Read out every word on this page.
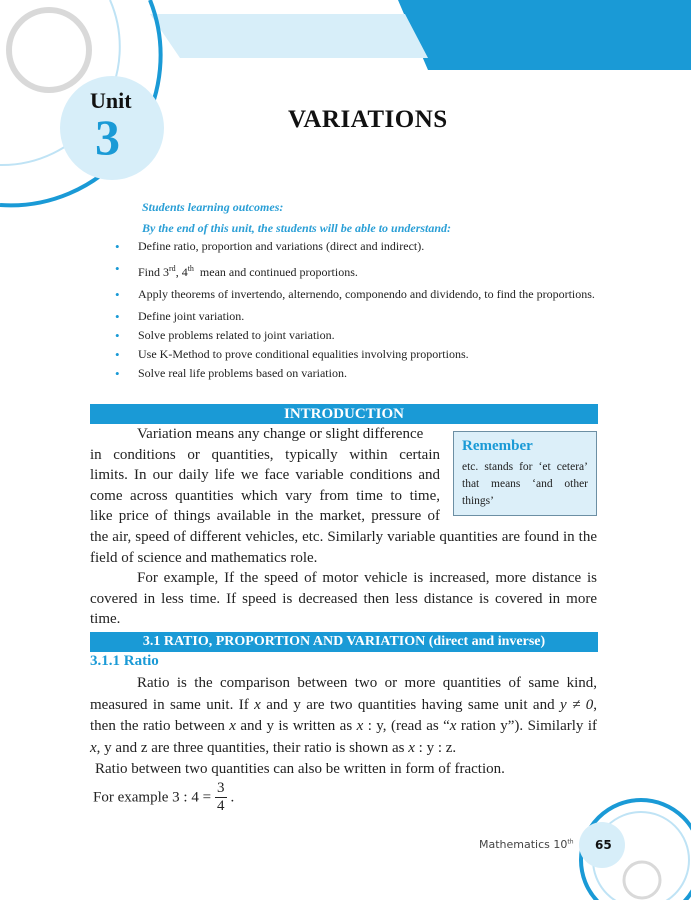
Unit
3	VARIATIONS
Students learning outcomes:
By the end of this unit, the students will be able to understand:
• Define ratio, proportion and variations (direct and indirect).
• Find 3rd, 4th mean and continued proportions.
• Apply theorems of invertendo, alternendo, componendo and dividendo, to find the proportions.
• Define joint variation.
• Solve problems related to joint variation.
• Use K-Method to prove conditional equalities involving proportions.
• Solve real life problems based on variation.
INTRODUCTION
Variation means any change or slight difference
in conditions or quantities, typically within certain
limits. In our daily life we face variable conditions and
come across quantities which vary from time to time,
like price of things available in the market, pressure of
Remember
etc. stands for ‘et cetera’ that means ‘and other things’
the air, speed of different vehicles, etc. Similarly variable quantities are found in the field of science and mathematics role.
For example, If the speed of motor vehicle is increased, more distance is covered in less time. If speed is decreased then less distance is covered in more time.
3.1 RATIO, PROPORTION AND VARIATION (direct and inverse)
3.1.1 Ratio
Ratio is the comparison between two or more quantities of same kind, measured in same unit. If x and y are two quantities having same unit and y ≠ 0, then the ratio between x and y is written as x : y, (read as “x ration y”). Similarly if x, y and z are three quantities, their ratio is shown as x : y : z.
Ratio between two quantities can also be written in form of fraction.
For example 3 : $4 = \frac{3}{4}$ .
Mathematics 10th 65
